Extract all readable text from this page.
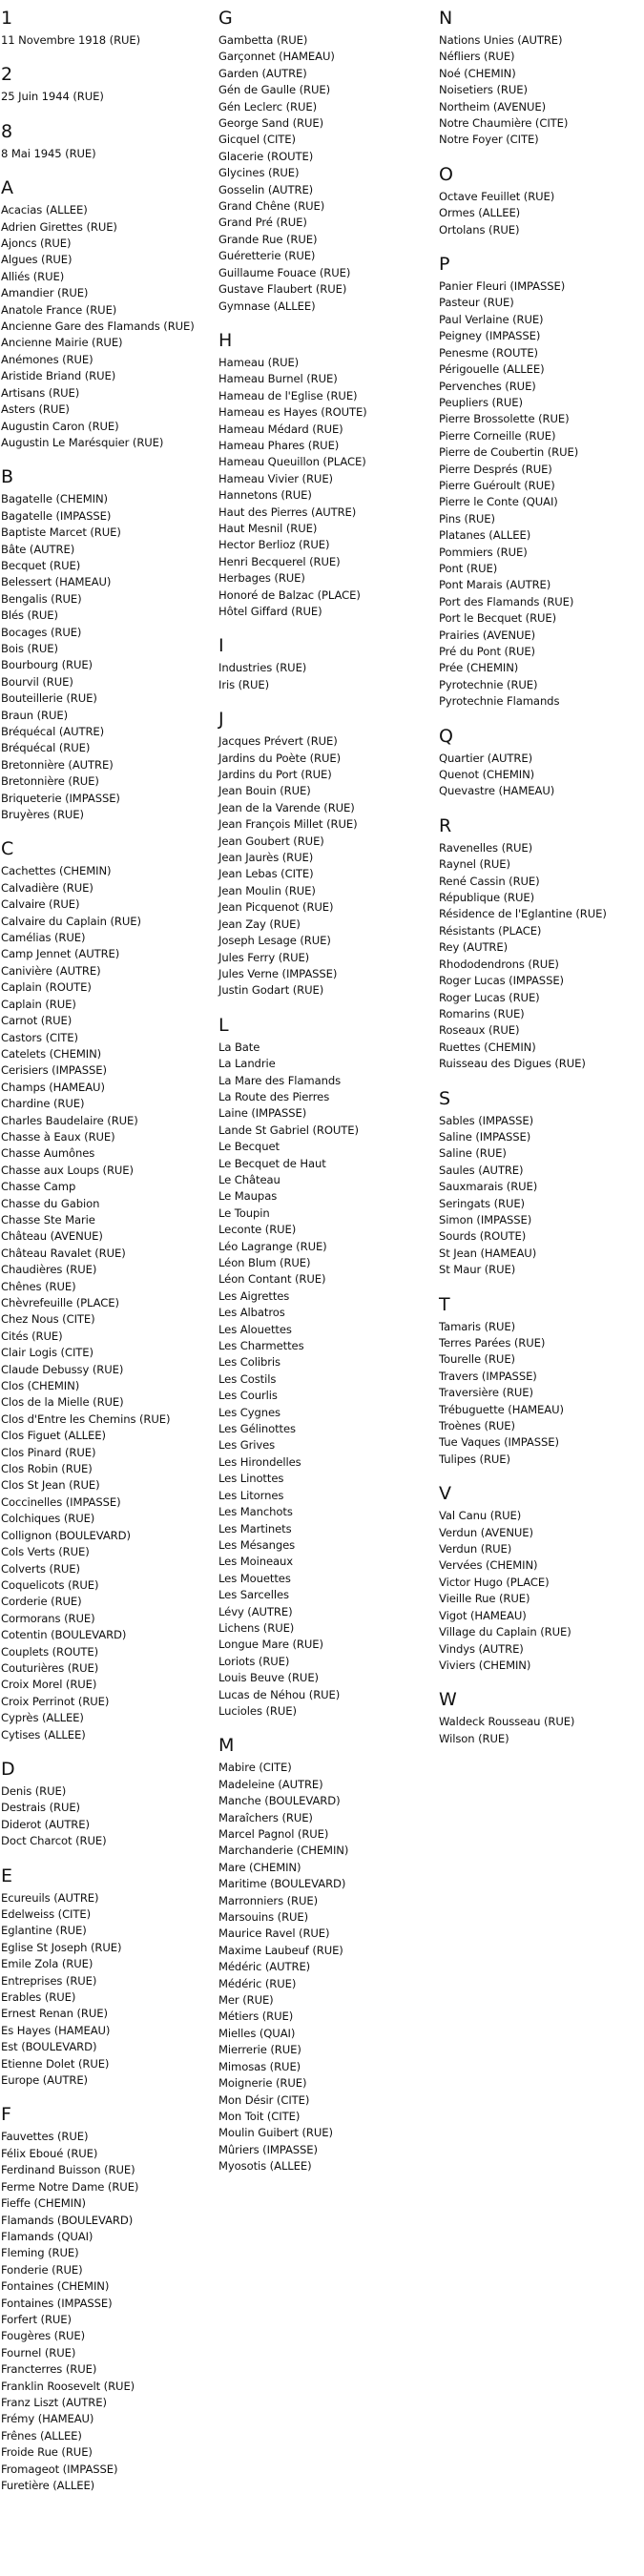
1
11 Novembre 1918 (RUE)
2
25 Juin 1944 (RUE)
8
8 Mai 1945 (RUE)
A
Acacias (ALLEE)
Adrien Girettes (RUE)
Ajoncs (RUE)
Algues (RUE)
Alliés (RUE)
Amandier (RUE)
Anatole France (RUE)
Ancienne Gare des Flamands (RUE)
Ancienne Mairie (RUE)
Anémones (RUE)
Aristide Briand (RUE)
Artisans (RUE)
Asters (RUE)
Augustin Caron (RUE)
Augustin Le Marésquier (RUE)
B
Bagatelle (CHEMIN)
Bagatelle (IMPASSE)
Baptiste Marcet (RUE)
Bâte (AUTRE)
Becquet (RUE)
Belessert (HAMEAU)
Bengalis (RUE)
Blés (RUE)
Bocages (RUE)
Bois (RUE)
Bourbourg (RUE)
Bourvil (RUE)
Bouteillerie (RUE)
Braun (RUE)
Bréquécal (AUTRE)
Bréquécal (RUE)
Bretonnière (AUTRE)
Bretonnière (RUE)
Briqueterie (IMPASSE)
Bruyères (RUE)
C
Cachettes (CHEMIN)
Calvadière (RUE)
Calvaire (RUE)
Calvaire du Caplain (RUE)
Camélias (RUE)
Camp Jennet (AUTRE)
Canivière (AUTRE)
Caplain (ROUTE)
Caplain (RUE)
Carnot (RUE)
Castors (CITE)
Catelets (CHEMIN)
Cerisiers (IMPASSE)
Champs (HAMEAU)
Chardine (RUE)
Charles Baudelaire (RUE)
Chasse à Eaux (RUE)
Chasse Aumônes
Chasse aux Loups (RUE)
Chasse Camp
Chasse du Gabion
Chasse Ste Marie
Château (AVENUE)
Château Ravalet (RUE)
Chaudières (RUE)
Chênes (RUE)
Chèvrefeuille (PLACE)
Chez Nous (CITE)
Cités (RUE)
Clair Logis (CITE)
Claude Debussy (RUE)
Clos (CHEMIN)
Clos de la Mielle (RUE)
Clos d'Entre les Chemins (RUE)
Clos Figuet (ALLEE)
Clos Pinard (RUE)
Clos Robin (RUE)
Clos St Jean (RUE)
Coccinelles (IMPASSE)
Colchiques (RUE)
Collignon (BOULEVARD)
Cols Verts (RUE)
Colverts (RUE)
Coquelicots (RUE)
Corderie (RUE)
Cormorans (RUE)
Cotentin (BOULEVARD)
Couplets (ROUTE)
Couturières (RUE)
Croix Morel (RUE)
Croix Perrinot (RUE)
Cyprès (ALLEE)
Cytises (ALLEE)
D
Denis (RUE)
Destrais (RUE)
Diderot (AUTRE)
Doct Charcot (RUE)
E
Ecureuils (AUTRE)
Edelweiss (CITE)
Eglantine (RUE)
Eglise St Joseph (RUE)
Emile Zola (RUE)
Entreprises (RUE)
Erables (RUE)
Ernest Renan (RUE)
Es Hayes (HAMEAU)
Est (BOULEVARD)
Etienne Dolet (RUE)
Europe (AUTRE)
F
Fauvettes (RUE)
Félix Eboué (RUE)
Ferdinand Buisson (RUE)
Ferme Notre Dame (RUE)
Fieffe (CHEMIN)
Flamands (BOULEVARD)
Flamands (QUAI)
Fleming (RUE)
Fonderie (RUE)
Fontaines (CHEMIN)
Fontaines (IMPASSE)
Forfert (RUE)
Fougères (RUE)
Fournel (RUE)
Francterres (RUE)
Franklin Roosevelt (RUE)
Franz Liszt (AUTRE)
Frémy (HAMEAU)
Frênes (ALLEE)
Froide Rue (RUE)
Fromageot (IMPASSE)
Furetière (ALLEE)
G
Gambetta (RUE)
Garçonnet (HAMEAU)
Garden (AUTRE)
Gén de Gaulle (RUE)
Gén Leclerc (RUE)
George Sand (RUE)
Gicquel (CITE)
Glacerie (ROUTE)
Glycines (RUE)
Gosselin (AUTRE)
Grand Chêne (RUE)
Grand Pré (RUE)
Grande Rue (RUE)
Guéretterie (RUE)
Guillaume Fouace (RUE)
Gustave Flaubert (RUE)
Gymnase (ALLEE)
H
Hameau (RUE)
Hameau Burnel (RUE)
Hameau de l'Eglise (RUE)
Hameau es Hayes (ROUTE)
Hameau Médard (RUE)
Hameau Phares (RUE)
Hameau Queuillon (PLACE)
Hameau Vivier (RUE)
Hannetons (RUE)
Haut des Pierres (AUTRE)
Haut Mesnil (RUE)
Hector Berlioz (RUE)
Henri Becquerel (RUE)
Herbages (RUE)
Honoré de Balzac (PLACE)
Hôtel Giffard (RUE)
I
Industries (RUE)
Iris (RUE)
J
Jacques Prévert (RUE)
Jardins du Poète (RUE)
Jardins du Port (RUE)
Jean Bouin (RUE)
Jean de la Varende (RUE)
Jean François Millet (RUE)
Jean Goubert (RUE)
Jean Jaurès (RUE)
Jean Lebas (CITE)
Jean Moulin (RUE)
Jean Picquenot (RUE)
Jean Zay (RUE)
Joseph Lesage (RUE)
Jules Ferry (RUE)
Jules Verne (IMPASSE)
Justin Godart (RUE)
L
La Bate
La Landrie
La Mare des Flamands
La Route des Pierres
Laine (IMPASSE)
Lande St Gabriel (ROUTE)
Le Becquet
Le Becquet de Haut
Le Château
Le Maupas
Le Toupin
Leconte (RUE)
Léo Lagrange (RUE)
Léon Blum (RUE)
Léon Contant (RUE)
Les Aigrettes
Les Albatros
Les Alouettes
Les Charmettes
Les Colibris
Les Costils
Les Courlis
Les Cygnes
Les Gélinottes
Les Grives
Les Hirondelles
Les Linottes
Les Litornes
Les Manchots
Les Martinets
Les Mésanges
Les Moineaux
Les Mouettes
Les Sarcelles
Lévy (AUTRE)
Lichens (RUE)
Longue Mare (RUE)
Loriots (RUE)
Louis Beuve (RUE)
Lucas de Néhou (RUE)
Lucioles (RUE)
M
Mabire (CITE)
Madeleine (AUTRE)
Manche (BOULEVARD)
Maraîchers (RUE)
Marcel Pagnol (RUE)
Marchanderie (CHEMIN)
Mare (CHEMIN)
Maritime (BOULEVARD)
Marronniers (RUE)
Marsouins (RUE)
Maurice Ravel (RUE)
Maxime Laubeuf (RUE)
Médéric (AUTRE)
Médéric (RUE)
Mer (RUE)
Métiers (RUE)
Mielles (QUAI)
Mierrerie (RUE)
Mimosas (RUE)
Moignerie (RUE)
Mon Désir (CITE)
Mon Toit (CITE)
Moulin Guibert (RUE)
Mûriers (IMPASSE)
Myosotis (ALLEE)
N
Nations Unies (AUTRE)
Néfliers (RUE)
Noé (CHEMIN)
Noisetiers (RUE)
Northeim (AVENUE)
Notre Chaumière (CITE)
Notre Foyer (CITE)
O
Octave Feuillet (RUE)
Ormes (ALLEE)
Ortolans (RUE)
P
Panier Fleuri (IMPASSE)
Pasteur (RUE)
Paul Verlaine (RUE)
Peigney (IMPASSE)
Penesme (ROUTE)
Périgouelle (ALLEE)
Pervenches (RUE)
Peupliers (RUE)
Pierre Brossolette (RUE)
Pierre Corneille (RUE)
Pierre de Coubertin (RUE)
Pierre Després (RUE)
Pierre Guéroult (RUE)
Pierre le Conte (QUAI)
Pins (RUE)
Platanes (ALLEE)
Pommiers (RUE)
Pont (RUE)
Pont Marais (AUTRE)
Port des Flamands (RUE)
Port le Becquet (RUE)
Prairies (AVENUE)
Pré du Pont (RUE)
Prée (CHEMIN)
Pyrotechnie (RUE)
Pyrotechnie Flamands
Q
Quartier (AUTRE)
Quenot (CHEMIN)
Quevastre (HAMEAU)
R
Ravenelles (RUE)
Raynel (RUE)
René Cassin (RUE)
République (RUE)
Résidence de l'Eglantine (RUE)
Résistants (PLACE)
Rey (AUTRE)
Rhododendrons (RUE)
Roger Lucas (IMPASSE)
Roger Lucas (RUE)
Romarins (RUE)
Roseaux (RUE)
Ruettes (CHEMIN)
Ruisseau des Digues (RUE)
S
Sables (IMPASSE)
Saline (IMPASSE)
Saline (RUE)
Saules (AUTRE)
Sauxmarais (RUE)
Seringats (RUE)
Simon (IMPASSE)
Sourds (ROUTE)
St Jean (HAMEAU)
St Maur (RUE)
T
Tamaris (RUE)
Terres Parées (RUE)
Tourelle (RUE)
Travers (IMPASSE)
Traversière (RUE)
Trébuguette (HAMEAU)
Troènes (RUE)
Tue Vaques (IMPASSE)
Tulipes (RUE)
V
Val Canu (RUE)
Verdun (AVENUE)
Verdun (RUE)
Vervées (CHEMIN)
Victor Hugo (PLACE)
Vieille Rue (RUE)
Vigot (HAMEAU)
Village du Caplain (RUE)
Vindys (AUTRE)
Viviers (CHEMIN)
W
Waldeck Rousseau (RUE)
Wilson (RUE)
